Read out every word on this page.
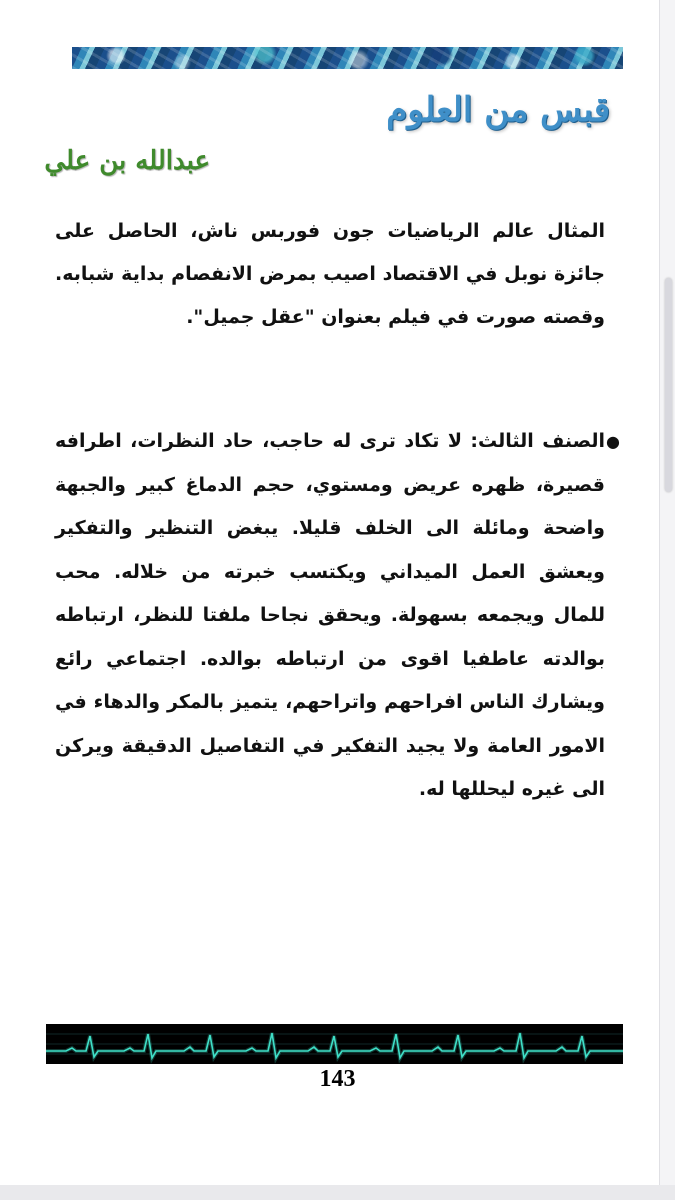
قبس من العلوم
عبدالله بن علي

المثال عالم الرياضيات جون فوربس ناش، الحاصل على جائزة نوبل في الاقتصاد اصيب بمرض الانفصام بداية شبابه. وقصته صورت في فيلم بعنوان "عقل جميل".

●

الصنف الثالث: لا تكاد ترى له حاجب، حاد النظرات، اطرافه قصيرة، ظهره عريض ومستوي، حجم الدماغ كبير والجبهة واضحة ومائلة الى الخلف قليلا. يبغض التنظير والتفكير ويعشق العمل الميداني ويكتسب خبرته من خلاله. محب للمال ويجمعه بسهولة. ويحقق نجاحا ملفتا للنظر، ارتباطه بوالدته عاطفيا اقوى من ارتباطه بوالده. اجتماعي رائع ويشارك الناس افراحهم واتراحهم، يتميز بالمكر والدهاء في الامور العامة ولا يجيد التفكير في التفاصيل الدقيقة ويركن الى غيره ليحللها له.

143
